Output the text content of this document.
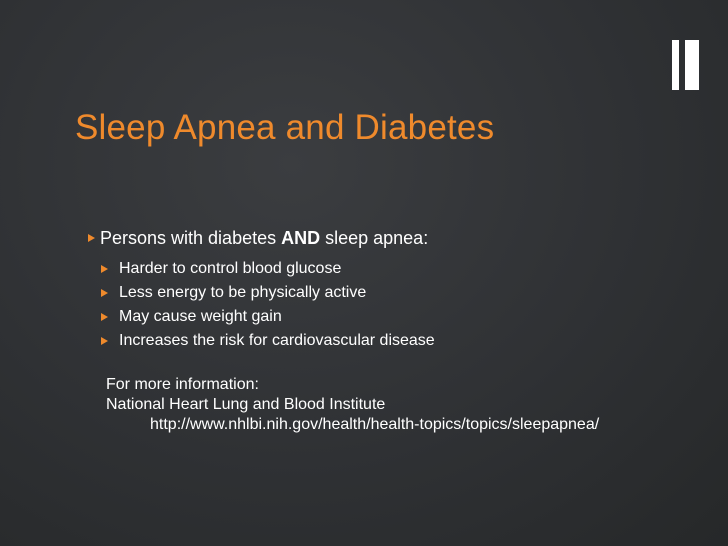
Sleep Apnea and Diabetes
Persons with diabetes AND sleep apnea:
Harder to control blood glucose
Less energy to be physically active
May cause weight gain
Increases the risk for cardiovascular disease
For more information:
National Heart Lung and Blood Institute
http://www.nhlbi.nih.gov/health/health-topics/topics/sleepapnea/
